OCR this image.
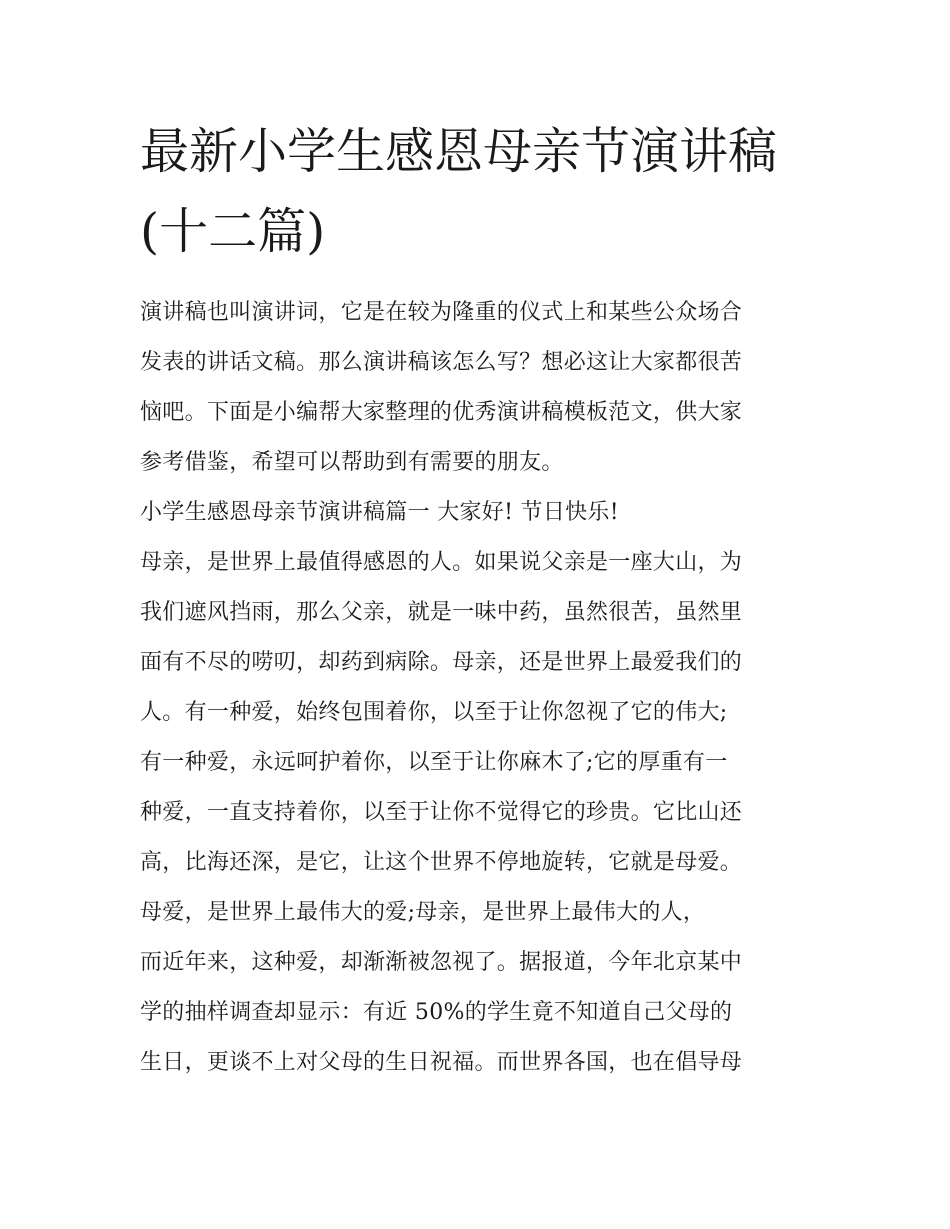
最新小学生感恩母亲节演讲稿
(十二篇)
演讲稿也叫演讲词，它是在较为隆重的仪式上和某些公众场合
发表的讲话文稿。那么演讲稿该怎么写？想必这让大家都很苦
恼吧。下面是小编帮大家整理的优秀演讲稿模板范文，供大家
参考借鉴，希望可以帮助到有需要的朋友。
小学生感恩母亲节演讲稿篇一 大家好! 节日快乐!
母亲，是世界上最值得感恩的人。如果说父亲是一座大山，为
我们遮风挡雨，那么父亲，就是一味中药，虽然很苦，虽然里
面有不尽的唠叨，却药到病除。母亲，还是世界上最爱我们的
人。有一种爱，始终包围着你，以至于让你忽视了它的伟大;
有一种爱，永远呵护着你，以至于让你麻木了;它的厚重有一
种爱，一直支持着你，以至于让你不觉得它的珍贵。它比山还
高，比海还深，是它，让这个世界不停地旋转，它就是母爱。
母爱，是世界上最伟大的爱;母亲，是世界上最伟大的人，
而近年来，这种爱，却渐渐被忽视了。据报道，今年北京某中
学的抽样调查却显示：有近 50%的学生竟不知道自己父母的
生日，更谈不上对父母的生日祝福。而世界各国，也在倡导母
